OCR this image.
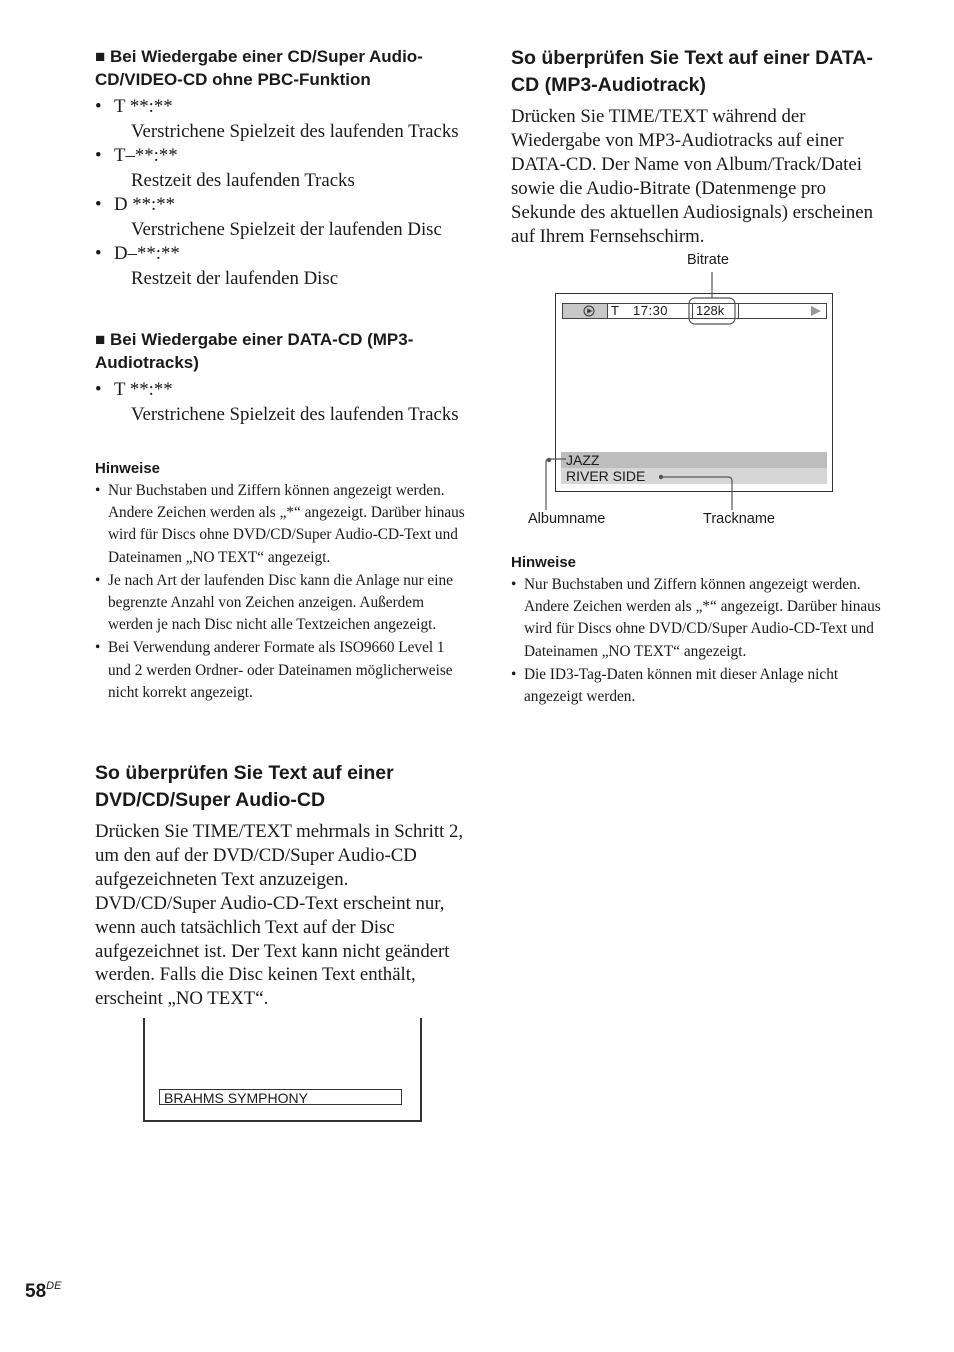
■ Bei Wiedergabe einer CD/Super Audio-CD/VIDEO-CD ohne PBC-Funktion
• T **:**
Verstrichene Spielzeit des laufenden Tracks
• T–**:**
Restzeit des laufenden Tracks
• D **:**
Verstrichene Spielzeit der laufenden Disc
• D–**:**
Restzeit der laufenden Disc
■ Bei Wiedergabe einer DATA-CD (MP3-Audiotracks)
• T **:**
Verstrichene Spielzeit des laufenden Tracks
Hinweise
• Nur Buchstaben und Ziffern können angezeigt werden. Andere Zeichen werden als „*“ angezeigt. Darüber hinaus wird für Discs ohne DVD/CD/Super Audio-CD-Text und Dateinamen „NO TEXT“ angezeigt.
• Je nach Art der laufenden Disc kann die Anlage nur eine begrenzte Anzahl von Zeichen anzeigen. Außerdem werden je nach Disc nicht alle Textzeichen angezeigt.
• Bei Verwendung anderer Formate als ISO9660 Level 1 und 2 werden Ordner- oder Dateinamen möglicherweise nicht korrekt angezeigt.
So überprüfen Sie Text auf einer DVD/CD/Super Audio-CD
Drücken Sie TIME/TEXT mehrmals in Schritt 2, um den auf der DVD/CD/Super Audio-CD aufgezeichneten Text anzuzeigen. DVD/CD/Super Audio-CD-Text erscheint nur, wenn auch tatsächlich Text auf der Disc aufgezeichnet ist. Der Text kann nicht geändert werden. Falls die Disc keinen Text enthält, erscheint „NO TEXT“.
BRAHMS SYMPHONY
So überprüfen Sie Text auf einer DATA-CD (MP3-Audiotrack)
Drücken Sie TIME/TEXT während der Wiedergabe von MP3-Audiotracks auf einer DATA-CD. Der Name von Album/Track/Datei sowie die Audio-Bitrate (Datenmenge pro Sekunde des aktuellen Audiosignals) erscheinen auf Ihrem Fernsehschirm.
Bitrate
Albumname	Trackname
T 17:30 128k
JAZZ
RIVER SIDE
Hinweise
• Nur Buchstaben und Ziffern können angezeigt werden. Andere Zeichen werden als „*“ angezeigt. Darüber hinaus wird für Discs ohne DVD/CD/Super Audio-CD-Text und Dateinamen „NO TEXT“ angezeigt.
• Die ID3-Tag-Daten können mit dieser Anlage nicht angezeigt werden.
58DE
